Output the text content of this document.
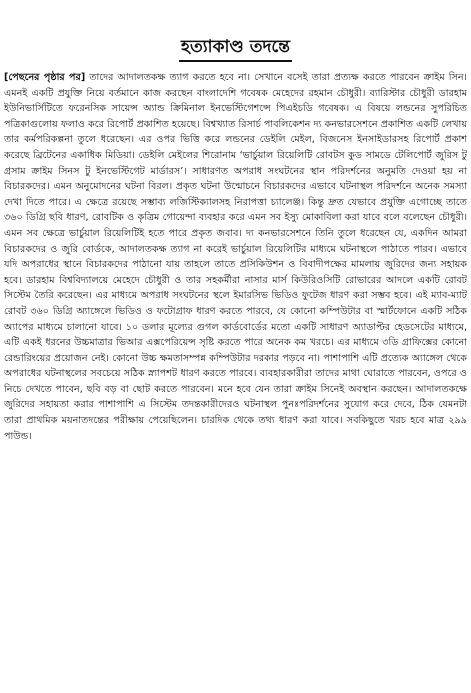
হত্যাকাণ্ড তদন্তে
[পেছনের পৃষ্ঠার পর] তাদের আদালতকক্ষ ত্যাগ করতে হবে না। সেখানে বসেই তারা প্রত্যক্ষ করতে পারবেন ক্রাইম সিন। এমনই একটি প্রযুক্তি নিয়ে বর্তমানে কাজ করছেন বাংলাদেশি গবেষক মেহেদের রহমান চৌধুরী। ব্যারিস্টার চৌধুরী ডারহাম ইউনিভার্সিটিতে ফরেনসিক সায়েন্স অ্যান্ড ক্রিমিনাল ইনভেস্টিগেশন্সে পিএইচডি গবেষক। এ বিষয়ে লন্ডনের সুপরিচিত পত্রিকাগুলোয় ফলাও করে রিপোর্ট প্রকাশিত হয়েছে। বিশ্বখ্যাত রিসার্চ পাবলিকেশন দ্য কনভারসেশনে প্রকাশিত একটি লেখায় তার কর্মপরিকল্পনা তুলে ধরেছেন। এর ওপর ভিত্তি করে লন্ডনের ডেইলি মেইল, বিজনেস ইনসাইডারসহ রিপোর্ট প্রকাশ করেছে ব্রিটেনের একাধিক মিডিয়া। ডেইলি মেইলের শিরোনাম ‘ভার্চুয়াল রিয়েলিটি রোবটস কুড সামডে টেলিপোর্ট জুরিস টু গ্রসাম ক্রাইম সিনস টু ইনভেস্টিগেট মার্ডারস’। সাধারণত অপরাধ সংঘটনের স্থান পরিদর্শনের অনুমতি দেওয়া হয় না বিচারকদের। এমন অনুমোদনের ঘটনা বিরল। প্রকৃত ঘটনা উন্মোচনে বিচারকদের এভাবে ঘটনাস্থল পরিদর্শনে অনেক সমস্যা দেখা দিতে পারে। এ ক্ষেত্রে রয়েছে সম্ভাব্য লজিস্টিক্যালসহ নিরাপত্তা চ্যালেঞ্জ। কিন্তু দ্রুত যেভাবে প্রযুক্তি এগোচ্ছে তাতে ৩৬০ ডিগ্রি ছবি ধারণ, রোবটিক ও কৃত্রিম গোয়েন্দা ব্যবহার করে এমন সব ইস্যু মোকাবিলা করা যাবে বলে বলেছেন চৌধুরী। এমন সব ক্ষেত্রে ভার্চুয়াল রিয়েলিটিই হতে পারে প্রকৃত জবাব। দ্য কনভারসেশনে তিনি তুলে ধরেছেন যে, একদিন আমরা বিচারকদের ও জুরি বোর্ডকে, আদালতকক্ষ ত্যাগ না করেই ভার্চুয়াল রিয়েলিটির মাধ্যমে ঘটনাস্থলে পাঠাতে পারব। এভাবে যদি অপরাধের স্থানে বিচারকদের পাঠানো যায় তাহলে তাতে প্রসিকিউশন ও বিবাদীপক্ষের মামলায় জুরিদের জন্য সহায়ক হবে। ডারহাম বিশ্ববিদ্যালয়ে মেহেদে চৌধুরী ও তার সহকর্মীরা নাসার মার্স কিউরিওসিটি রোভারের আদলে একটি রোবট সিস্টেম তৈরি করেছেন। এর মাধ্যমে অপরাধ সংঘটনের স্থলে ইমারসিভ ভিডিও ফুটেজ ধারণ করা সম্ভব হবে। এই ম্যাব-ম্যাট রোবট ৩৬০ ডিগ্রি অ্যাঙ্গেলে ভিডিও ও ফটোগ্রাফ ধারণ করতে পারবে, যে কোনো কম্পিউটার বা স্মার্টফোনে একটি সঠিক অ্যাপের মাধ্যমে চালানো যাবে। ১০ ডলার মূল্যের গুগল কার্ডবোর্ডের মতো একটি সাধারণ অ্যাডাপ্টর হেডসেটের মাধ্যমে, এটি একই ধরনের উচ্চমাত্রার ভিআর এক্সপেরিয়েন্স সৃষ্টি করতে পারে অনেক কম খরচে। এর মাধ্যমে ৩ডি গ্রাফিক্সের কোনো রেন্ডারিংয়ের প্রয়োজন নেই। কোনো উচ্চ ক্ষমতাসম্পন্ন কম্পিউটার দরকার পড়বে না। পাশাপাশি এটি প্রত্যেক অ্যাঙ্গেল থেকে অপরাধের ঘটনাস্থলের সবচেয়ে সঠিক স্ন্যাপশট ধারণ করতে পারবে। ব্যবহারকারীরা তাদের মাথা ঘোরাতে পারবেন, ওপরে ও নিচে দেখতে পাবেন, ছবি বড় বা ছোট করতে পারবেন। মনে হবে যেন তারা ক্রাইম সিনেই অবস্থান করছেন। আদালতকক্ষে জুরিদের সহায়তা করার পাশাপাশি এ সিস্টেম তদন্তকারীদেরও ঘটনাস্থল পুনঃপরিদর্শনের সুযোগ করে দেবে, ঠিক যেমনটা তারা প্রাথমিক ময়নাতদন্তের পরীক্ষায় পেয়েছিলেন। চারদিক থেকে তথ্য ধারণ করা যাবে। সবকিছুতে খরচ হবে মাত্র ২৯৯ পাউন্ড।
